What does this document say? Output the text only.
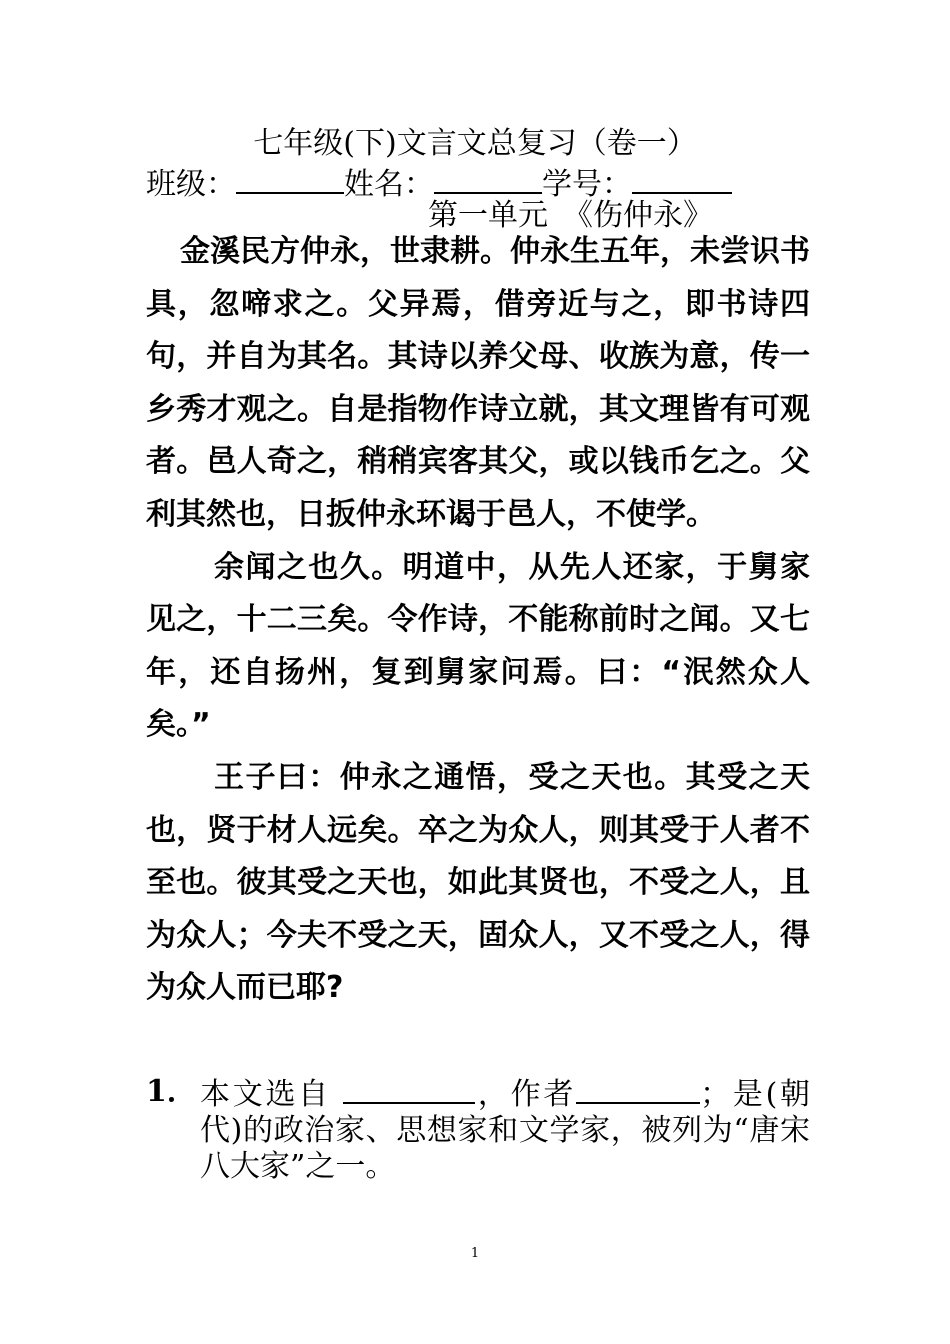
七年级(下)文言文总复习（卷一）
班级：	姓名：	学号：
第一单元　《伤仲永》

金溪民方仲永，世隶耕。仲永生五年，未尝识书具，忽啼求之。父异焉，借旁近与之，即书诗四句，并自为其名。其诗以养父母、收族为意，传一乡秀才观之。自是指物作诗立就，其文理皆有可观者。邑人奇之，稍稍宾客其父，或以钱币乞之。父利其然也，日扳仲永环谒于邑人，不使学。

余闻之也久。明道中，从先人还家，于舅家见之，十二三矣。令作诗，不能称前时之闻。又七年，还自扬州，复到舅家问焉。曰：“泯然众人矣。”

王子曰：仲永之通悟，受之天也。其受之天也，贤于材人远矣。卒之为众人，则其受于人者不至也。彼其受之天也，如此其贤也，不受之人，且为众人；今夫不受之天，固众人，又不受之人，得为众人而已耶?

1． 本文选自	，作者	；是(朝代)的政治家、思想家和文学家，被列为“唐宋八大家”之一。
1
